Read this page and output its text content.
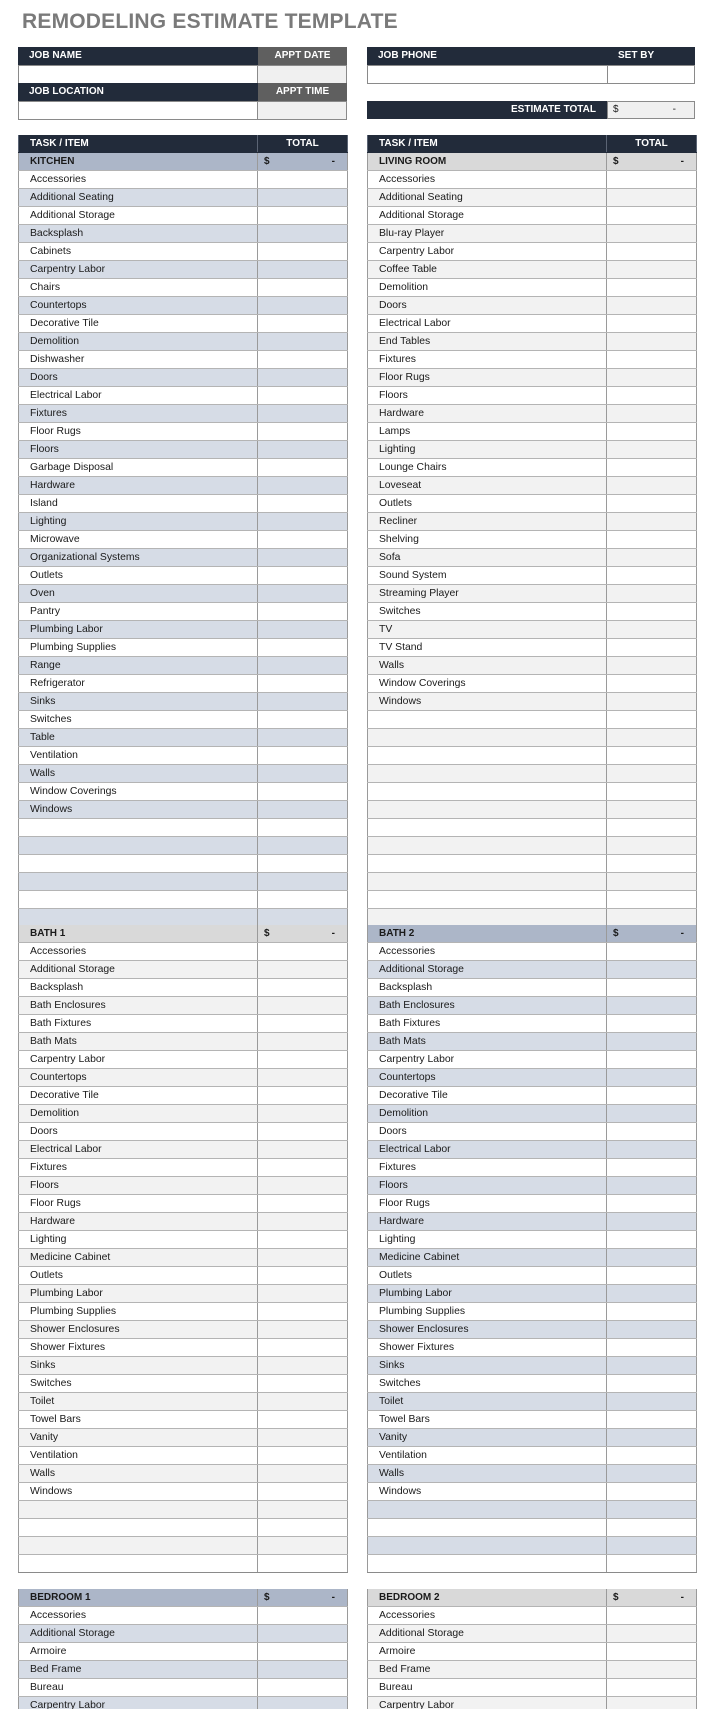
REMODELING ESTIMATE TEMPLATE
JOB NAME	APPT DATE
JOB LOCATION	APPT TIME
JOB PHONE	SET BY
ESTIMATE TOTAL	$	-
TASK / ITEM	TOTAL
KITCHEN	$	-
Accessories
Additional Seating
Additional Storage
Backsplash
Cabinets
Carpentry Labor
Chairs
Countertops
Decorative Tile
Demolition
Dishwasher
Doors
Electrical Labor
Fixtures
Floor Rugs
Floors
Garbage Disposal
Hardware
Island
Lighting
Microwave
Organizational Systems
Outlets
Oven
Pantry
Plumbing Labor
Plumbing Supplies
Range
Refrigerator
Sinks
Switches
Table
Ventilation
Walls
Window Coverings
Windows
TASK / ITEM	TOTAL
LIVING ROOM	$	-
Accessories
Additional Seating
Additional Storage
Blu-ray Player
Carpentry Labor
Coffee Table
Demolition
Doors
Electrical Labor
End Tables
Fixtures
Floor Rugs
Floors
Hardware
Lamps
Lighting
Lounge Chairs
Loveseat
Outlets
Recliner
Shelving
Sofa
Sound System
Streaming Player
Switches
TV
TV Stand
Walls
Window Coverings
Windows
BATH 1	$	-
Accessories
Additional Storage
Backsplash
Bath Enclosures
Bath Fixtures
Bath Mats
Carpentry Labor
Countertops
Decorative Tile
Demolition
Doors
Electrical Labor
Fixtures
Floors
Floor Rugs
Hardware
Lighting
Medicine Cabinet
Outlets
Plumbing Labor
Plumbing Supplies
Shower Enclosures
Shower Fixtures
Sinks
Switches
Toilet
Towel Bars
Vanity
Ventilation
Walls
Windows
BATH 2	$	-
Accessories
Additional Storage
Backsplash
Bath Enclosures
Bath Fixtures
Bath Mats
Carpentry Labor
Countertops
Decorative Tile
Demolition
Doors
Electrical Labor
Fixtures
Floors
Floor Rugs
Hardware
Lighting
Medicine Cabinet
Outlets
Plumbing Labor
Plumbing Supplies
Shower Enclosures
Shower Fixtures
Sinks
Switches
Toilet
Towel Bars
Vanity
Ventilation
Walls
Windows
BEDROOM 1	$	-
Accessories
Additional Storage
Armoire
Bed Frame
Bureau
Carpentry Labor
BEDROOM 2	$	-
Accessories
Additional Storage
Armoire
Bed Frame
Bureau
Carpentry Labor
